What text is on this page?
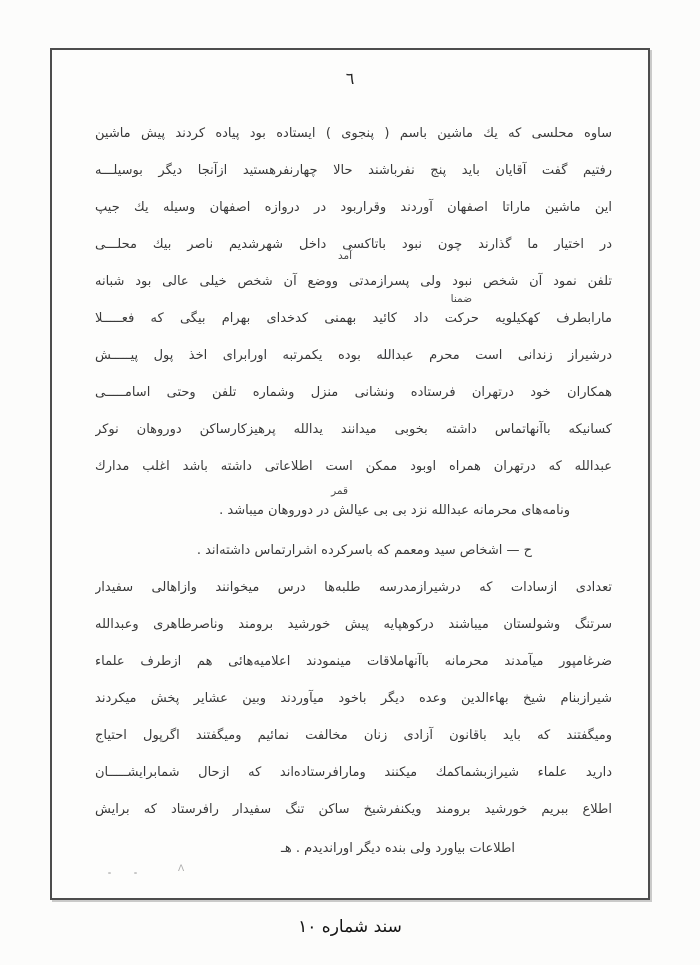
٦
Λ
ساوه محلسی که يك ماشين باسم ( پنجوی ) ايستاده بود پياده کردند پيش ماشين
رفتيم گفت آقايان بايد پنج نفرباشند حالا چهارنفرهستيد ازآنجا ديگر بوسيلـــه
اين ماشين ماراتا اصفهان آوردند وقراربود در دروازه اصفهان وسيله يك جيپ
در اختيار ما گذارند چون نبود باتاکسی داخل شهرشديم ناصر بيك محلـــی
تلفن نمود آن شخص نبود ولی پسرازمدتی ووضع آن شخص خيلی عالی بود شبانه
مارابطرف کهکيلويه حرکت داد کائيد بهمنی کدخدای بهرام بيگی که فعـــــلا
درشيراز زندانی است محرم عبدالله بوده يكمرتبه اورابرای اخذ پول پيـــــش
همکاران خود درتهران فرستاده ونشانی منزل وشماره تلفن وحتی اسامـــــی
کسانيکه باآنهاتماس داشته بخوبی ميدانند يدالله پرهيزکارساکن دوروهان نوکر
عبدالله که درتهران همراه اوبود ممکن است اطلاعاتی داشته باشد اغلب مدارك
ونامه‌های محرمانه عبدالله نزد بی بی عيالش در دوروهان ميباشد .
ح — اشخاص سيد ومعمم که باسرکرده اشرارتماس داشته‌اند .
تعدادی ازسادات که درشيرازمدرسه طلبه‌ها درس ميخوانند وازاهالی سفيدار
سرتنگ وشولستان ميباشند درکوهپايه پيش خورشيد برومند وناصرطاهری وعبدالله
ضرغامپور ميآمدند محرمانه باآنهاملاقات مينمودند اعلاميه‌هائی هم ازطرف علماء
شيرازبنام شيخ بهاءالدين وعده ديگر باخود ميآوردند وبين عشاير پخش ميکردند
وميگفتند که بايد باقانون آزادی زنان مخالفت نمائيم وميگفتند اگرپول احتياج
داريد علماء شيرازبشماکمك ميکنند ومارافرستاده‌اند که ازحال شمابرايشـــــان
اطلاع ببريم خورشيد برومند ويکنفرشيخ ساکن تنگ سفيدار رافرستاد که برايش
اطلاعات بياورد ولی بنده ديگر اورانديدم . هـ
آمد
ضمنا
قمر
سند شماره ۱۰
